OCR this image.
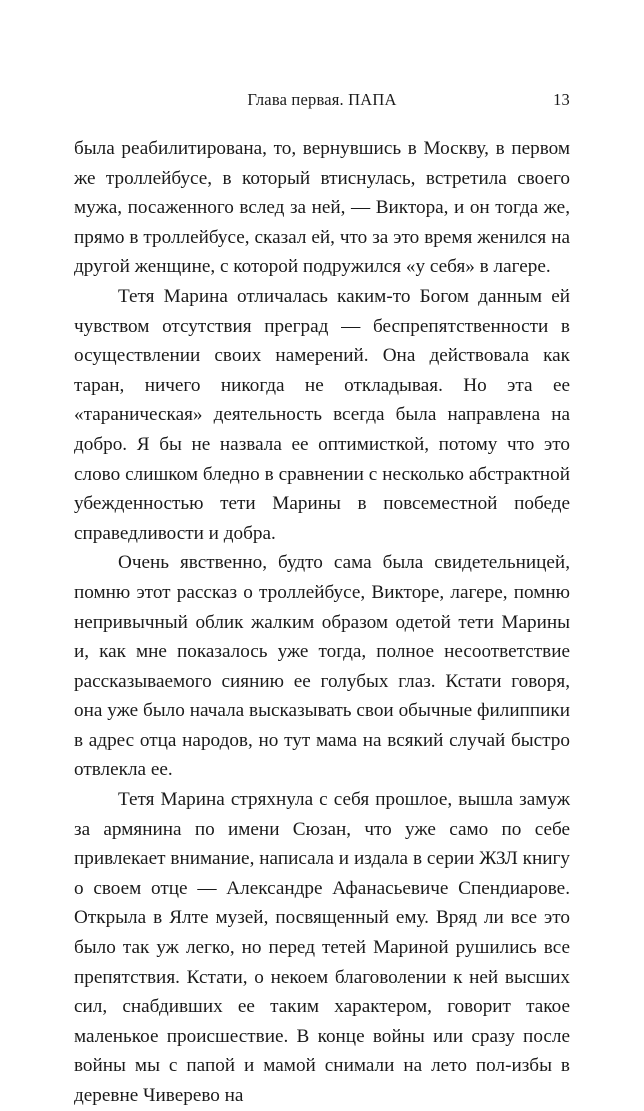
Глава первая. ПАПА	13

была реабилитирована, то, вернувшись в Москву, в первом же троллейбусе, в который втиснулась, встретила своего мужа, посаженного вслед за ней, — Виктора, и он тогда же, прямо в троллейбусе, сказал ей, что за это время женился на другой женщине, с которой подружился «у себя» в лагере.

Тетя Марина отличалась каким-то Богом данным ей чувством отсутствия преград — беспрепятственности в осуществлении своих намерений. Она действовала как таран, ничего никогда не откладывая. Но эта ее «тараническая» деятельность всегда была направлена на добро. Я бы не назвала ее оптимисткой, потому что это слово слишком бледно в сравнении с несколько абстрактной убежденностью тети Марины в повсеместной победе справедливости и добра.

Очень явственно, будто сама была свидетельницей, помню этот рассказ о троллейбусе, Викторе, лагере, помню непривычный облик жалким образом одетой тети Марины и, как мне показалось уже тогда, полное несоответствие рассказываемого сиянию ее голубых глаз. Кстати говоря, она уже было начала высказывать свои обычные филиппики в адрес отца народов, но тут мама на всякий случай быстро отвлекла ее.

Тетя Марина стряхнула с себя прошлое, вышла замуж за армянина по имени Сюзан, что уже само по себе привлекает внимание, написала и издала в серии ЖЗЛ книгу о своем отце — Александре Афанасьевиче Спендиарове. Открыла в Ялте музей, посвященный ему. Вряд ли все это было так уж легко, но перед тетей Мариной рушились все препятствия. Кстати, о некоем благоволении к ней высших сил, снабдивших ее таким характером, говорит такое маленькое происшествие. В конце войны или сразу после войны мы с папой и мамой снимали на лето пол-избы в деревне Чиверево на
